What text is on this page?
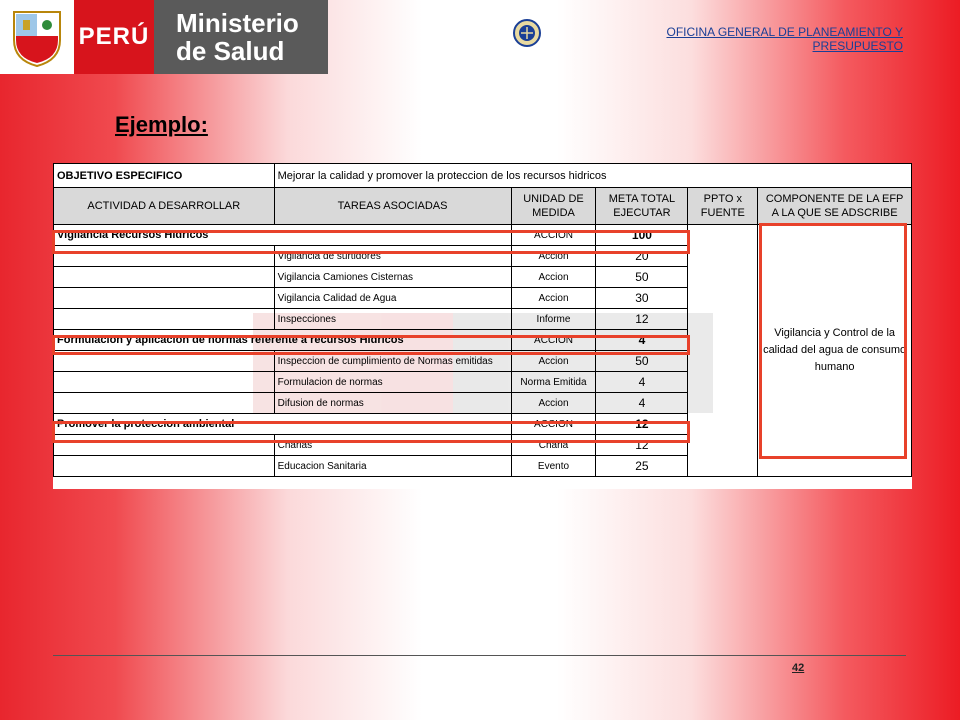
PERÚ Ministerio
de Salud
OFICINA GENERAL DE PLANEAMIENTO Y
PRESUPUESTO
Ejemplo:
OBJETIVO ESPECIFICO	Mejorar la calidad y promover la proteccion de los recursos hidricos				
ACTIVIDAD A DESARROLLAR	TAREAS ASOCIADAS	UNIDAD DE MEDIDA	META TOTAL EJECUTAR	PPTO x FUENTE	COMPONENTE DE LA EFP A LA QUE SE ADSCRIBE
Vigilancia Recursos Hidricos		ACCION	100		Vigilancia y Control de la calidad del agua de consumo humano
	Vigilancia de surtidores	Accion	20		
	Vigilancia Camiones Cisternas	Accion	50		
	Vigilancia Calidad de Agua	Accion	30		
	Inspecciones	Informe	12		
Formulacion y aplicacion de normas referente a recursos Hidricos		ACCION	4		
	Inspeccion de cumplimiento de Normas emitidas	Accion	50		
	Formulacion de normas	Norma Emitida	4		
	Difusion de normas	Accion	4		
Promover la proteccion ambiental		ACCION	12		
	Charlas	Charla	12		
	Educacion Sanitaria	Evento	25		
42
